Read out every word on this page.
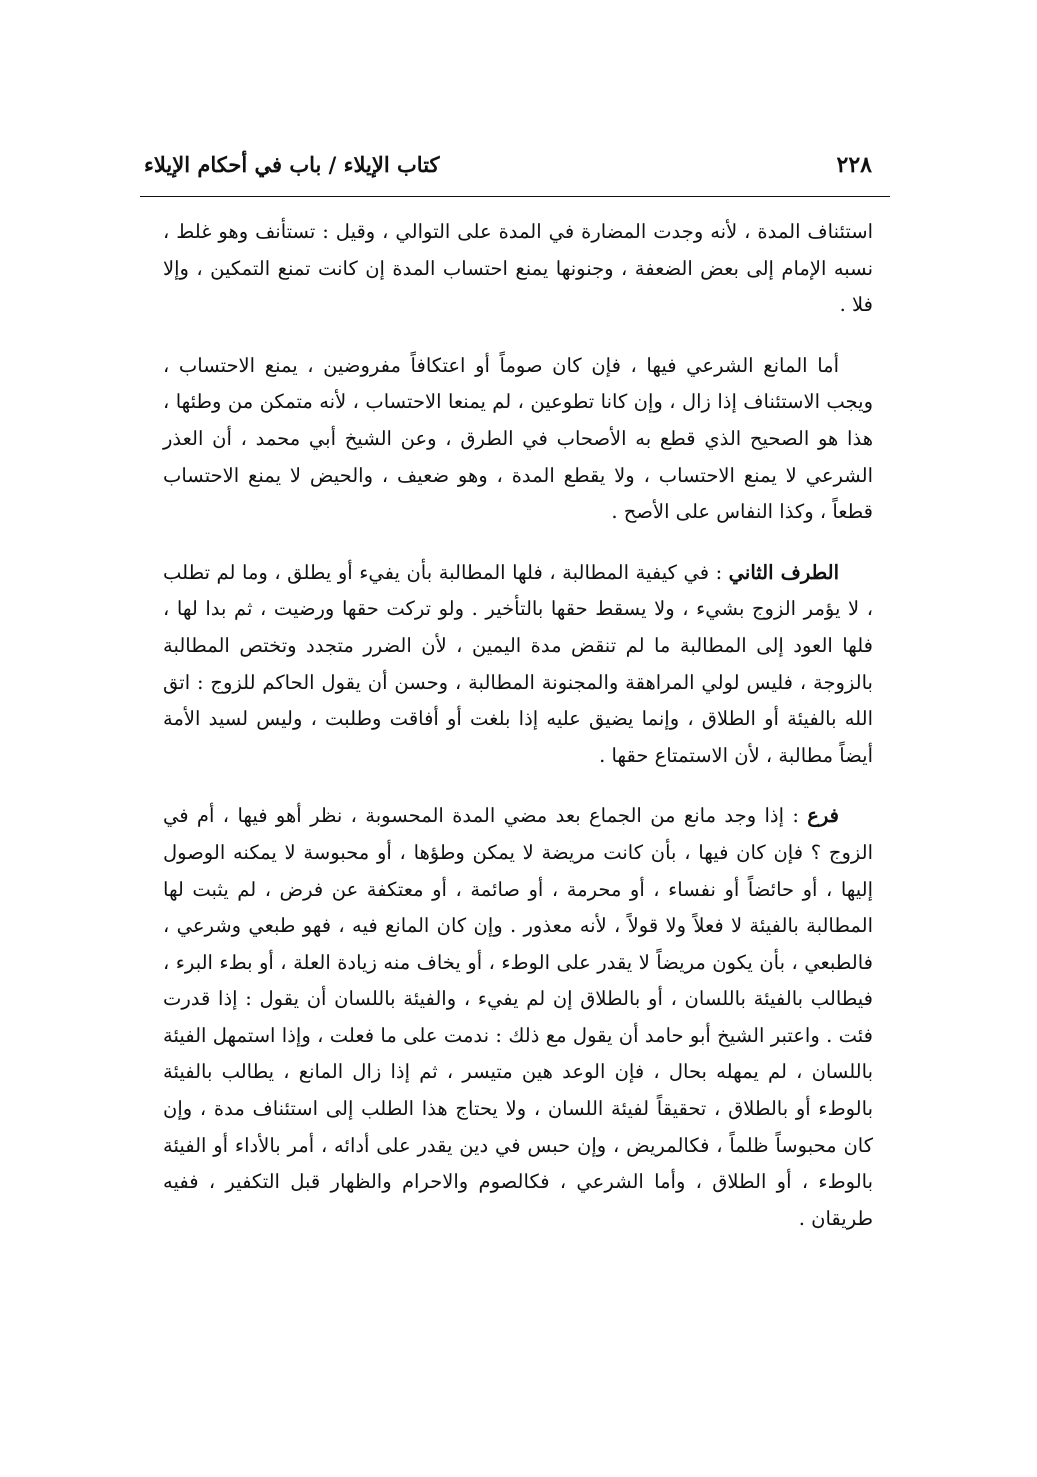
٢٢٨
كتاب الإيلاء / باب في أحكام الإيلاء

استئناف المدة ، لأنه وجدت المضارة في المدة على التوالي ، وقيل : تستأنف وهو غلط ، نسبه الإمام إلى بعض الضعفة ، وجنونها يمنع احتساب المدة إن كانت تمنع التمكين ، وإلا فلا .

أما المانع الشرعي فيها ، فإن كان صوماً أو اعتكافاً مفروضين ، يمنع الاحتساب ، ويجب الاستئناف إذا زال ، وإن كانا تطوعين ، لم يمنعا الاحتساب ، لأنه متمكن من وطئها ، هذا هو الصحيح الذي قطع به الأصحاب في الطرق ، وعن الشيخ أبي محمد ، أن العذر الشرعي لا يمنع الاحتساب ، ولا يقطع المدة ، وهو ضعيف ، والحيض لا يمنع الاحتساب قطعاً ، وكذا النفاس على الأصح .

الطرف الثاني : في كيفية المطالبة ، فلها المطالبة بأن يفيء أو يطلق ، وما لم تطلب ، لا يؤمر الزوج بشيء ، ولا يسقط حقها بالتأخير . ولو تركت حقها ورضيت ، ثم بدا لها ، فلها العود إلى المطالبة ما لم تنقض مدة اليمين ، لأن الضرر متجدد وتختص المطالبة بالزوجة ، فليس لولي المراهقة والمجنونة المطالبة ، وحسن أن يقول الحاكم للزوج : اتق الله بالفيئة أو الطلاق ، وإنما يضيق عليه إذا بلغت أو أفاقت وطلبت ، وليس لسيد الأمة أيضاً مطالبة ، لأن الاستمتاع حقها .

فرع : إذا وجد مانع من الجماع بعد مضي المدة المحسوبة ، نظر أهو فيها ، أم في الزوج ؟ فإن كان فيها ، بأن كانت مريضة لا يمكن وطؤها ، أو محبوسة لا يمكنه الوصول إليها ، أو حائضاً أو نفساء ، أو محرمة ، أو صائمة ، أو معتكفة عن فرض ، لم يثبت لها المطالبة بالفيئة لا فعلاً ولا قولاً ، لأنه معذور . وإن كان المانع فيه ، فهو طبعي وشرعي ، فالطبعي ، بأن يكون مريضاً لا يقدر على الوطء ، أو يخاف منه زيادة العلة ، أو بطء البرء ، فيطالب بالفيئة باللسان ، أو بالطلاق إن لم يفيء ، والفيئة باللسان أن يقول : إذا قدرت فئت . واعتبر الشيخ أبو حامد أن يقول مع ذلك : ندمت على ما فعلت ، وإذا استمهل الفيئة باللسان ، لم يمهله بحال ، فإن الوعد هين متيسر ، ثم إذا زال المانع ، يطالب بالفيئة بالوطء أو بالطلاق ، تحقيقاً لفيئة اللسان ، ولا يحتاج هذا الطلب إلى استئناف مدة ، وإن كان محبوساً ظلماً ، فكالمريض ، وإن حبس في دين يقدر على أدائه ، أمر بالأداء أو الفيئة بالوطء ، أو الطلاق ، وأما الشرعي ، فكالصوم والاحرام والظهار قبل التكفير ، ففيه طريقان .
